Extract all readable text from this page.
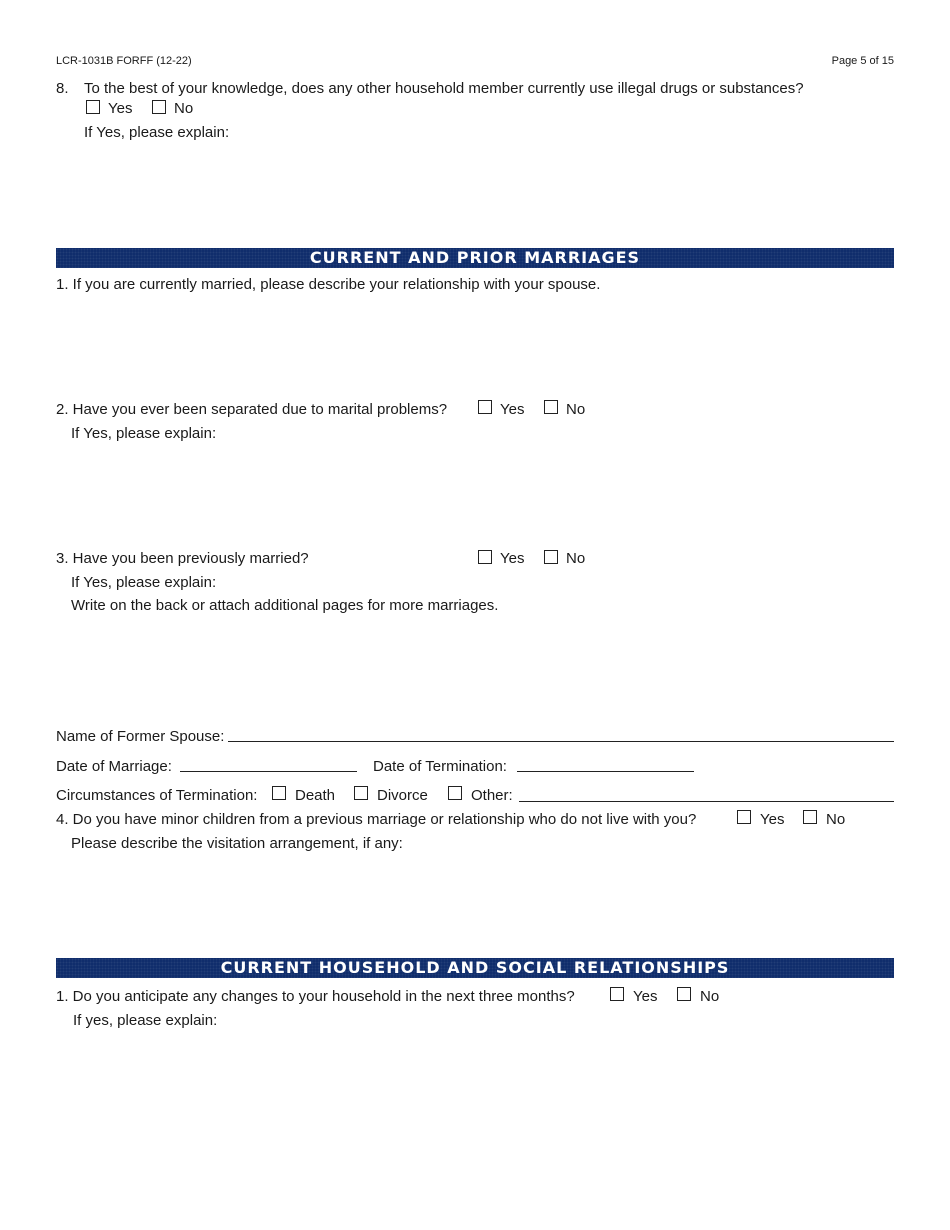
LCR-1031B FORFF (12-22)	Page 5 of 15
8. To the best of your knowledge, does any other household member currently use illegal drugs or substances?
Yes	No
If Yes, please explain:
CURRENT AND PRIOR MARRIAGES
1. If you are currently married, please describe your relationship with your spouse.
2. Have you ever been separated due to marital problems?	Yes	No
If Yes, please explain:
3. Have you been previously married?	Yes	No
If Yes, please explain:
Write on the back or attach additional pages for more marriages.
Name of Former Spouse:
Date of Marriage:	Date of Termination:
Circumstances of Termination:	Death	Divorce	Other:
4. Do you have minor children from a previous marriage or relationship who do not live with you?	Yes	No
Please describe the visitation arrangement, if any:
CURRENT HOUSEHOLD AND SOCIAL RELATIONSHIPS
1. Do you anticipate any changes to your household in the next three months?	Yes	No
If yes, please explain:
